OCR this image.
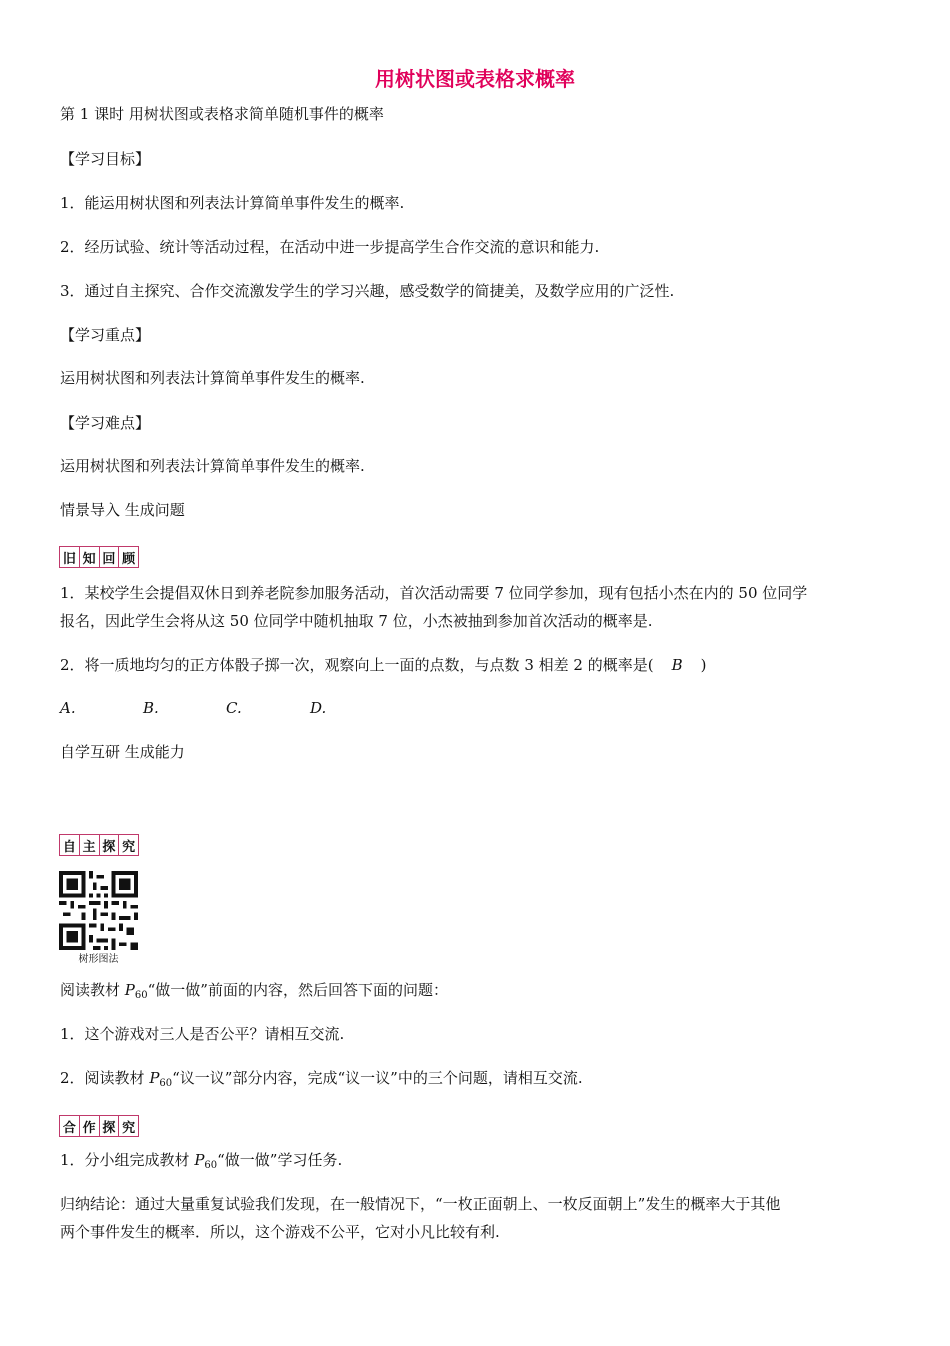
用树状图或表格求概率
第 1 课时 用树状图或表格求简单随机事件的概率
【学习目标】
1．能运用树状图和列表法计算简单事件发生的概率.
2．经历试验、统计等活动过程，在活动中进一步提高学生合作交流的意识和能力.
3．通过自主探究、合作交流激发学生的学习兴趣，感受数学的简捷美，及数学应用的广泛性.
【学习重点】
运用树状图和列表法计算简单事件发生的概率.
【学习难点】
运用树状图和列表法计算简单事件发生的概率.
情景导入 生成问题
旧 知 回 顾
1．某校学生会提倡双休日到养老院参加服务活动，首次活动需要 7 位同学参加，现有包括小杰在内的 50 位同学
报名，因此学生会将从这 50 位同学中随机抽取 7 位，小杰被抽到参加首次活动的概率是.
2．将一质地均匀的正方体骰子掷一次，观察向上一面的点数，与点数 3 相差 2 的概率是( B )
A.	B.	C.	D.
自学互研 生成能力
自 主 探 究
树形图法
阅读教材 $P_{60}“$做一做”前面的内容，然后回答下面的问题：
1．这个游戏对三人是否公平？请相互交流.
2．阅读教材 $P_{60}“$议一议”部分内容，完成“议一议”中的三个问题，请相互交流.
合 作 探 究
1．分小组完成教材 $P_{60}“$做一做”学习任务.
归纳结论：通过大量重复试验我们发现，在一般情况下，“一枚正面朝上、一枚反面朝上”发生的概率大于其他
两个事件发生的概率．所以，这个游戏不公平，它对小凡比较有利.
